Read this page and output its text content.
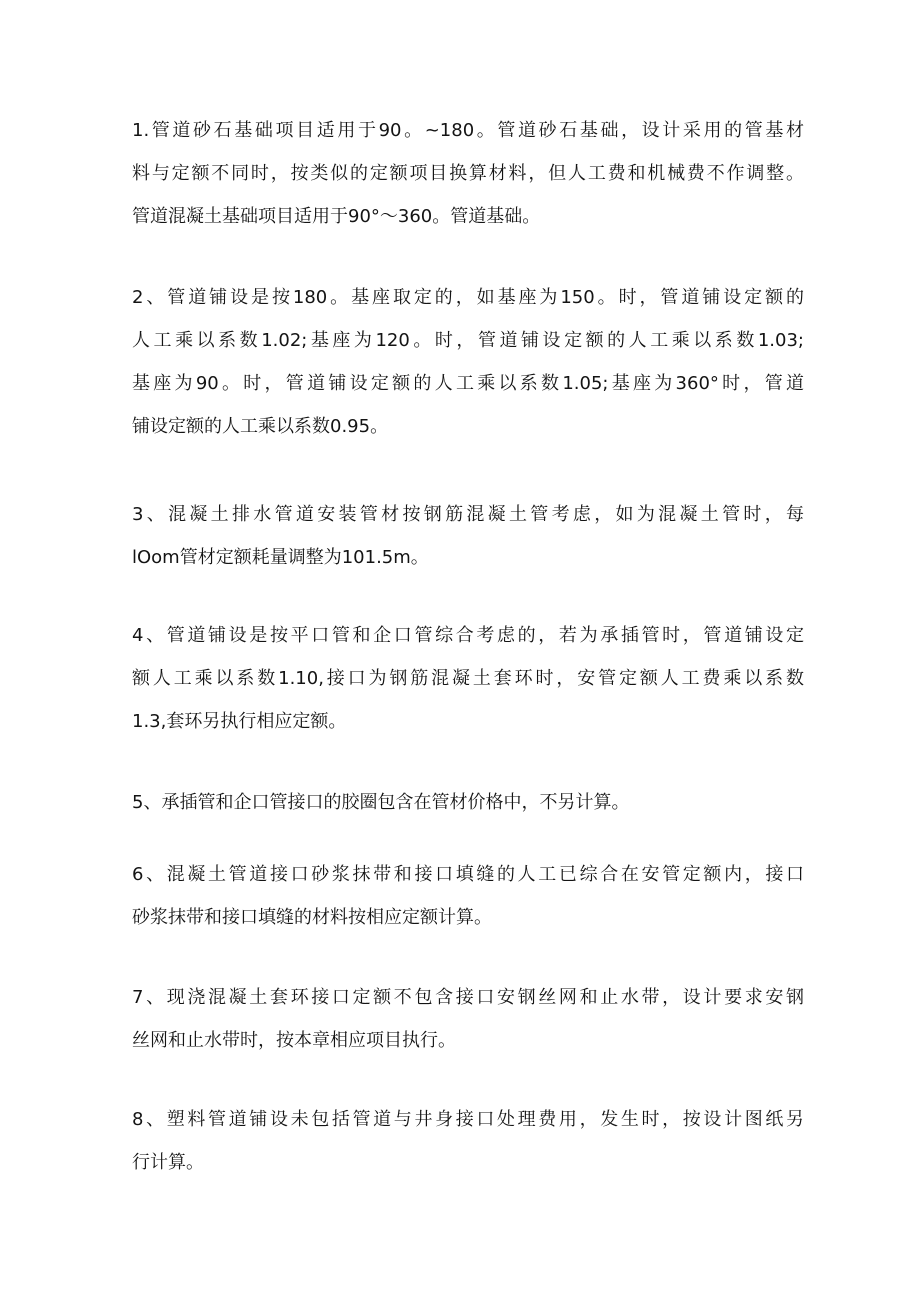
1.管道砂石基础项目适用于90。~180。管道砂石基础，设计采用的管基材
料与定额不同时，按类似的定额项目换算材料，但人工费和机械费不作调整。
管道混凝土基础项目适用于90°～360。管道基础。
2、管道铺设是按180。基座取定的，如基座为150。时，管道铺设定额的
人工乘以系数1.02;基座为120。时，管道铺设定额的人工乘以系数1.03;
基座为90。时，管道铺设定额的人工乘以系数1.05;基座为360°时，管道
铺设定额的人工乘以系数0.95。
3、混凝土排水管道安装管材按钢筋混凝土管考虑，如为混凝土管时，每
lOom管材定额耗量调整为101.5m。
4、管道铺设是按平口管和企口管综合考虑的，若为承插管时，管道铺设定
额人工乘以系数1.10,接口为钢筋混凝土套环时，安管定额人工费乘以系数
1.3,套环另执行相应定额。
5、承插管和企口管接口的胶圈包含在管材价格中，不另计算。
6、混凝土管道接口砂浆抹带和接口填缝的人工已综合在安管定额内，接口
砂浆抹带和接口填缝的材料按相应定额计算。
7、现浇混凝土套环接口定额不包含接口安钢丝网和止水带，设计要求安钢
丝网和止水带时，按本章相应项目执行。
8、塑料管道铺设未包括管道与井身接口处理费用，发生时，按设计图纸另
行计算。
